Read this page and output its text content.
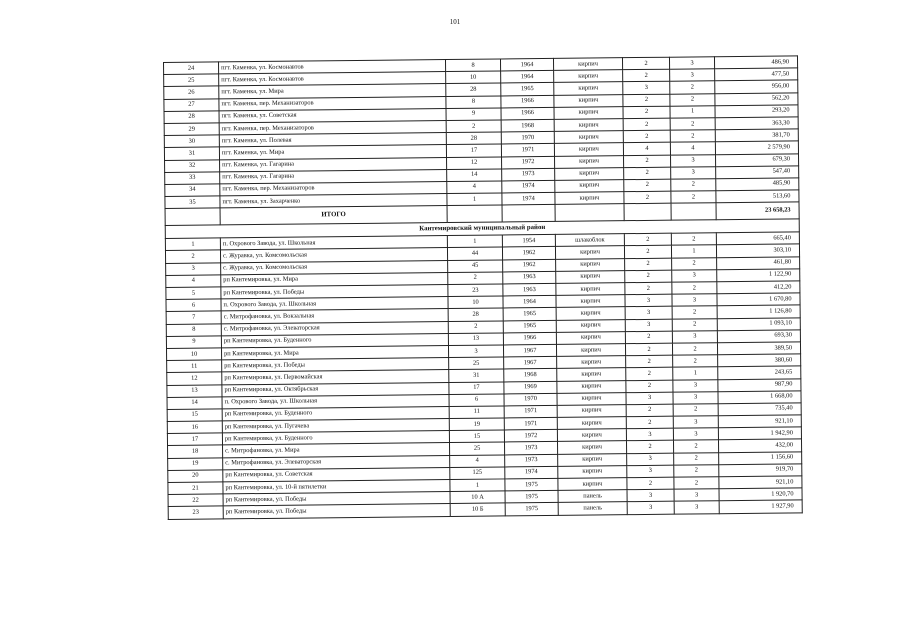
101
24	пгт. Каменка, ул. Космонавтов	8	1964	кирпич	2	3	486,90
25	пгт. Каменка, ул. Космонавтов	10	1964	кирпич	2	3	477,50
26	пгт. Каменка, ул. Мира	28	1965	кирпич	3	2	956,00
27	пгт. Каменка, пер. Механизаторов	8	1966	кирпич	2	2	562,20
28	пгт. Каменка, ул. Советская	9	1966	кирпич	2	1	293,20
29	пгт. Каменка, пер. Механизаторов	2	1968	кирпич	2	2	363,30
30	пгт. Каменка, ул. Полевая	28	1970	кирпич	2	2	381,70
31	пгт. Каменка, ул. Мира	17	1971	кирпич	4	4	2 579,90
32	пгт. Каменка, ул. Гагарина	12	1972	кирпич	2	3	679,30
33	пгт. Каменка, ул. Гагарина	14	1973	кирпич	2	3	547,40
34	пгт. Каменка, пер. Механизаторов	4	1974	кирпич	2	2	485,90
35	пгт. Каменка, ул. Захарченко	1	1974	кирпич	2	2	513,60
	ИТОГО						23 658,23
Кантемировский муниципальный район							
1	п. Охрового Завода, ул. Школьная	1	1954	шлакоблок	2	2	665,40
2	с. Журавка, ул. Комсомольская	44	1962	кирпич	2	1	303,10
3	с. Журавка, ул. Комсомольская	45	1962	кирпич	2	2	461,80
4	рп Кантемировка, ул. Мира	2	1963	кирпич	2	3	1 122,90
5	рп Кантемировка, ул. Победы	23	1963	кирпич	2	2	412,20
6	п. Охрового Завода, ул. Школьная	10	1964	кирпич	3	3	1 670,80
7	с. Митрофановка, ул. Вокзальная	28	1965	кирпич	3	2	1 126,80
8	с. Митрофановка, ул. Элеваторская	2	1965	кирпич	3	2	1 093,10
9	рп Кантемировка, ул. Буденного	13	1966	кирпич	2	3	693,30
10	рп Кантемировка, ул. Мира	3	1967	кирпич	2	2	389,50
11	рп Кантемировка, ул. Победы	25	1967	кирпич	2	2	380,60
12	рп Кантемировка, ул. Первомайская	31	1968	кирпич	2	1	243,65
13	рп Кантемировка, ул. Октябрьская	17	1969	кирпич	2	3	987,90
14	п. Охрового Завода, ул. Школьная	6	1970	кирпич	3	3	1 668,00
15	рп Кантемировка, ул. Буденного	11	1971	кирпич	2	2	735,40
16	рп Кантемировка, ул. Пугачева	19	1971	кирпич	2	3	921,10
17	рп Кантемировка, ул. Буденного	15	1972	кирпич	3	3	1 942,90
18	с. Митрофановка, ул. Мира	25	1973	кирпич	2	2	432,00
19	с. Митрофановка, ул. Элеваторская	4	1973	кирпич	3	2	1 156,60
20	рп Кантемировка, ул. Советская	125	1974	кирпич	3	2	919,70
21	рп Кантемировка, ул. 10-й пятилетки	1	1975	кирпич	2	2	921,10
22	рп Кантемировка, ул. Победы	10 А	1975	панель	3	3	1 920,70
23	рп Кантемировка, ул. Победы	10 Б	1975	панель	3	3	1 927,90
